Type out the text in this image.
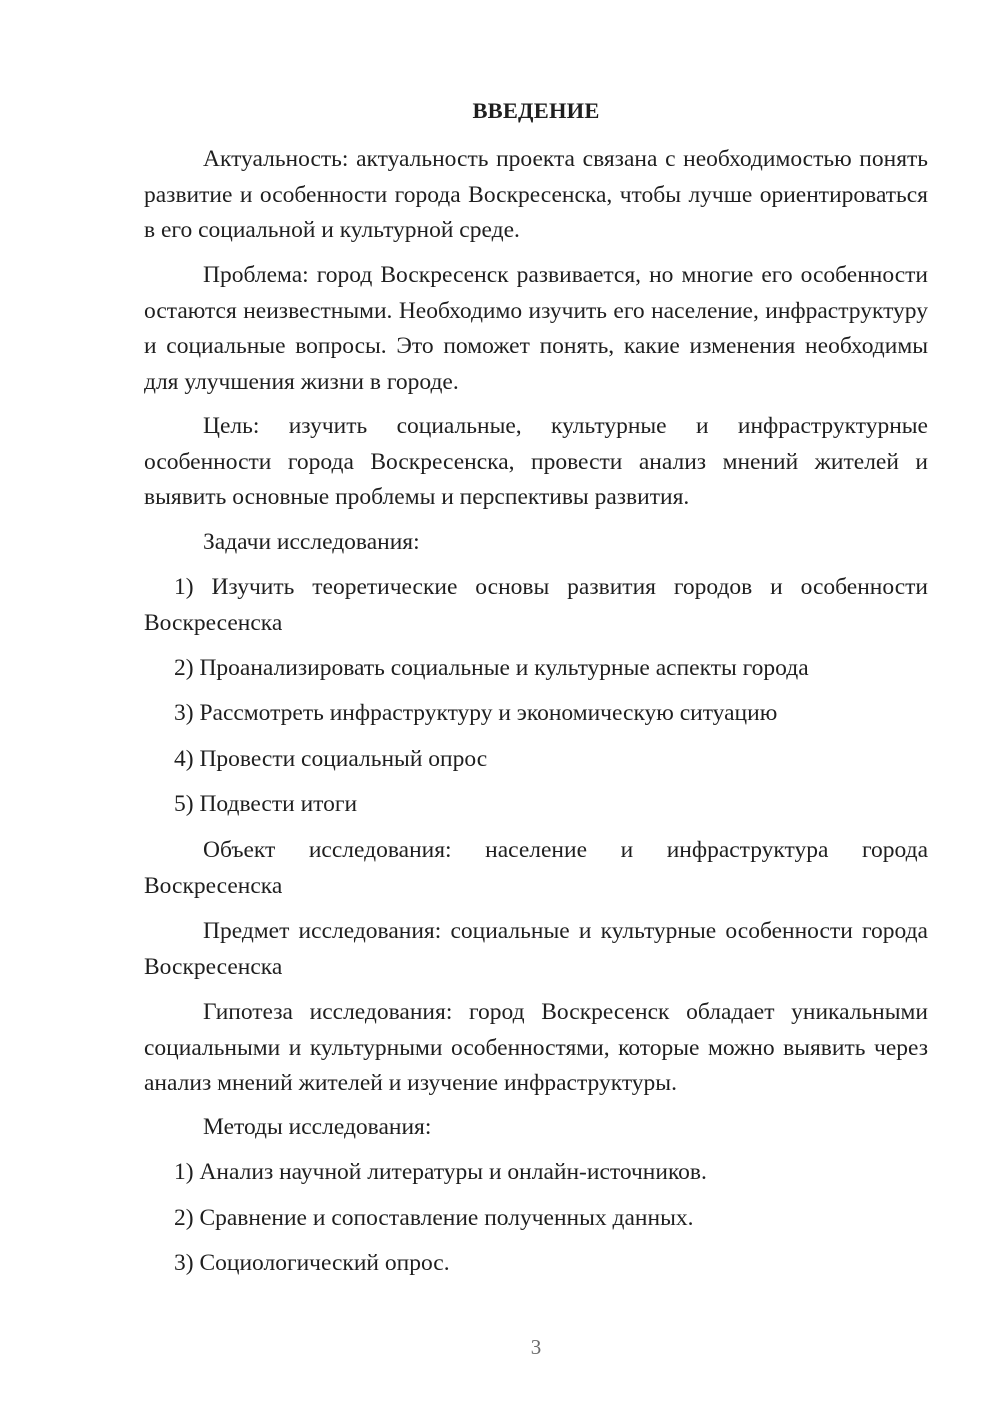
ВВЕДЕНИЕ

Актуальность: актуальность проекта связана с необходимостью понять развитие и особенности города Воскресенска, чтобы лучше ориентироваться в его социальной и культурной среде.

Проблема: город Воскресенск развивается, но многие его особенности остаются неизвестными. Необходимо изучить его население, инфраструктуру и социальные вопросы. Это поможет понять, какие изменения необходимы для улучшения жизни в городе.

Цель: изучить социальные, культурные и инфраструктурные особенности города Воскресенска, провести анализ мнений жителей и выявить основные проблемы и перспективы развития.

Задачи исследования:

1) Изучить теоретические основы развития городов и особенности Воскресенска

2) Проанализировать социальные и культурные аспекты города

3) Рассмотреть инфраструктуру и экономическую ситуацию

4) Провести социальный опрос

5) Подвести итоги

Объект исследования: население и инфраструктура города Воскресенска

Предмет исследования: социальные и культурные особенности города Воскресенска

Гипотеза исследования: город Воскресенск обладает уникальными социальными и культурными особенностями, которые можно выявить через анализ мнений жителей и изучение инфраструктуры.

Методы исследования:

1) Анализ научной литературы и онлайн-источников.

2) Сравнение и сопоставление полученных данных.

3) Социологический опрос.

3
